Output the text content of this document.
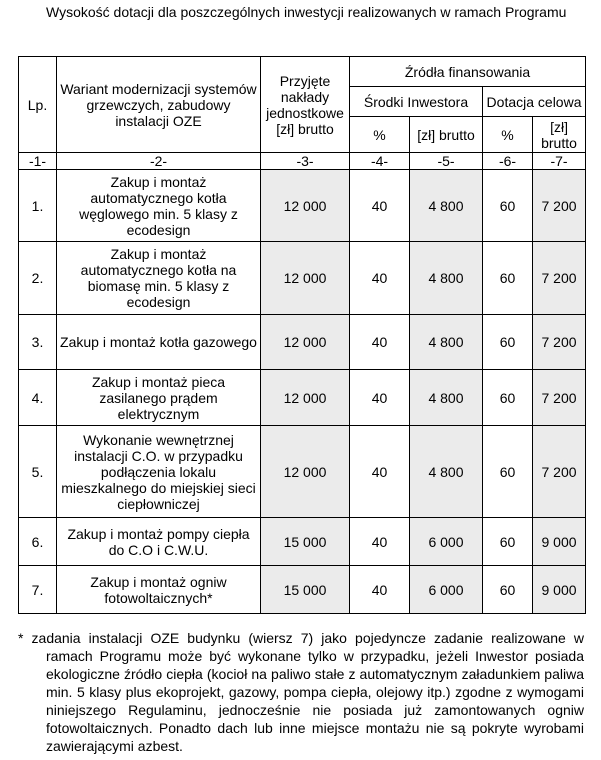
Wysokość dotacji dla poszczególnych inwestycji realizowanych w ramach Programu
Lp.	Wariant modernizacji systemów grzewczych, zabudowy instalacji OZE	Przyjęte nakłady jednostkowe [zł] brutto	Źródła finansowania			
			Środki Inwestora		Dotacja celowa	
			%	[zł] brutto	%	[zł] brutto
-1-	-2-	-3-	-4-	-5-	-6-	-7-
1.	Zakup i montaż automatycznego kotła węglowego min. 5 klasy z ecodesign	12 000	40	4 800	60	7 200
2.	Zakup i montaż automatycznego kotła na biomasę min. 5 klasy z ecodesign	12 000	40	4 800	60	7 200
3.	Zakup i montaż kotła gazowego	12 000	40	4 800	60	7 200
4.	Zakup i montaż pieca zasilanego prądem elektrycznym	12 000	40	4 800	60	7 200
5.	Wykonanie wewnętrznej instalacji C.O. w przypadku podłączenia lokalu mieszkalnego do miejskiej sieci ciepłowniczej	12 000	40	4 800	60	7 200
6.	Zakup i montaż pompy ciepła do C.O i C.W.U.	15 000	40	6 000	60	9 000
7.	Zakup i montaż ogniw fotowoltaicznych*	15 000	40	6 000	60	9 000
* zadania instalacji OZE budynku (wiersz 7) jako pojedyncze zadanie realizowane w ramach Programu może być wykonane tylko w przypadku, jeżeli Inwestor posiada ekologiczne źródło ciepła (kocioł na paliwo stałe z automatycznym załadunkiem paliwa min. 5 klasy plus ekoprojekt, gazowy, pompa ciepła, olejowy itp.) zgodne z wymogami niniejszego Regulaminu, jednocześnie nie posiada już zamontowanych ogniw fotowoltaicznych. Ponadto dach lub inne miejsce montażu nie są pokryte wyrobami zawierającymi azbest.
